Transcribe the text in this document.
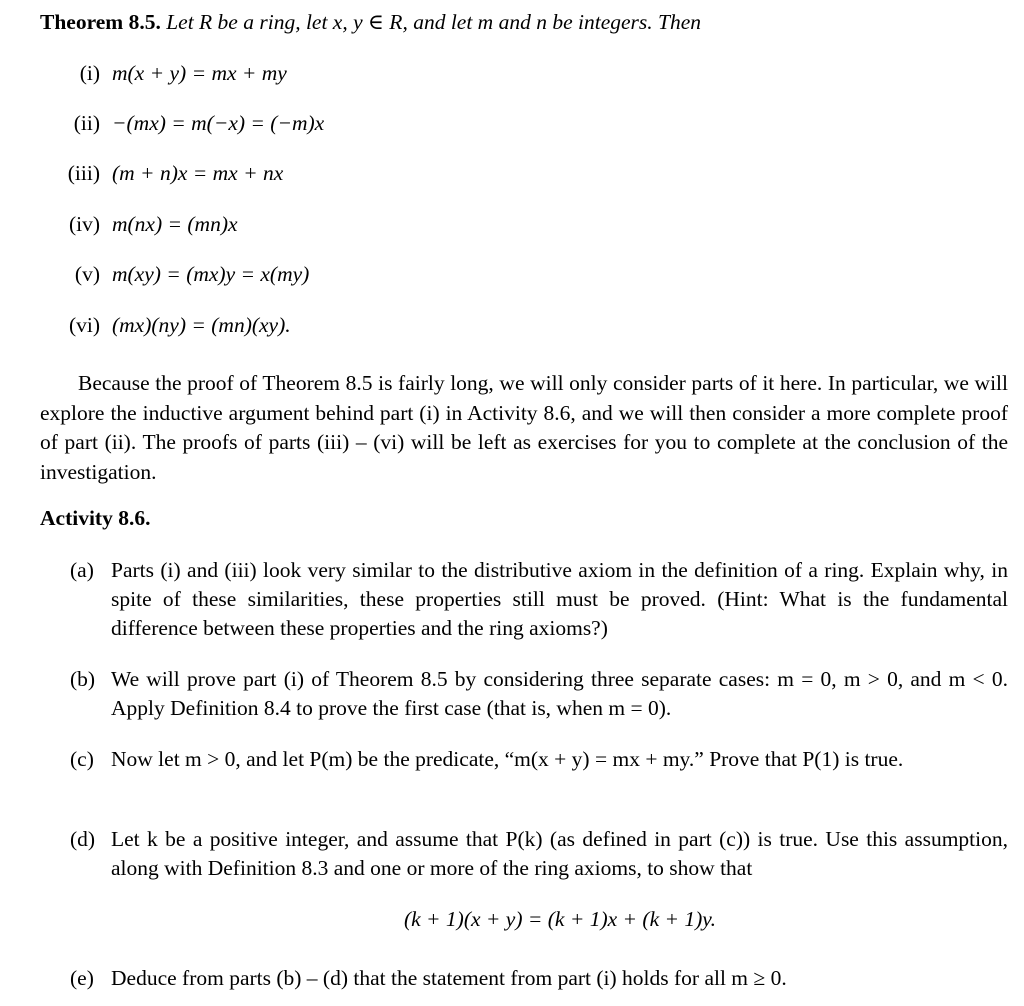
Theorem 8.5. Let R be a ring, let x, y ∈ R, and let m and n be integers. Then
(i) m(x + y) = mx + my
(ii) −(mx) = m(−x) = (−m)x
(iii) (m + n)x = mx + nx
(iv) m(nx) = (mn)x
(v) m(xy) = (mx)y = x(my)
(vi) (mx)(ny) = (mn)(xy).
Because the proof of Theorem 8.5 is fairly long, we will only consider parts of it here. In particular, we will explore the inductive argument behind part (i) in Activity 8.6, and we will then consider a more complete proof of part (ii). The proofs of parts (iii) – (vi) will be left as exercises for you to complete at the conclusion of the investigation.
Activity 8.6.
(a) Parts (i) and (iii) look very similar to the distributive axiom in the definition of a ring. Explain why, in spite of these similarities, these properties still must be proved. (Hint: What is the fundamental difference between these properties and the ring axioms?)
(b) We will prove part (i) of Theorem 8.5 by considering three separate cases: m = 0, m > 0, and m < 0. Apply Definition 8.4 to prove the first case (that is, when m = 0).
(c) Now let m > 0, and let P(m) be the predicate, “m(x + y) = mx + my.” Prove that P(1) is true.
(d) Let k be a positive integer, and assume that P(k) (as defined in part (c)) is true. Use this assumption, along with Definition 8.3 and one or more of the ring axioms, to show that
(k + 1)(x + y) = (k + 1)x + (k + 1)y.
(e) Deduce from parts (b) – (d) that the statement from part (i) holds for all m ≥ 0.
